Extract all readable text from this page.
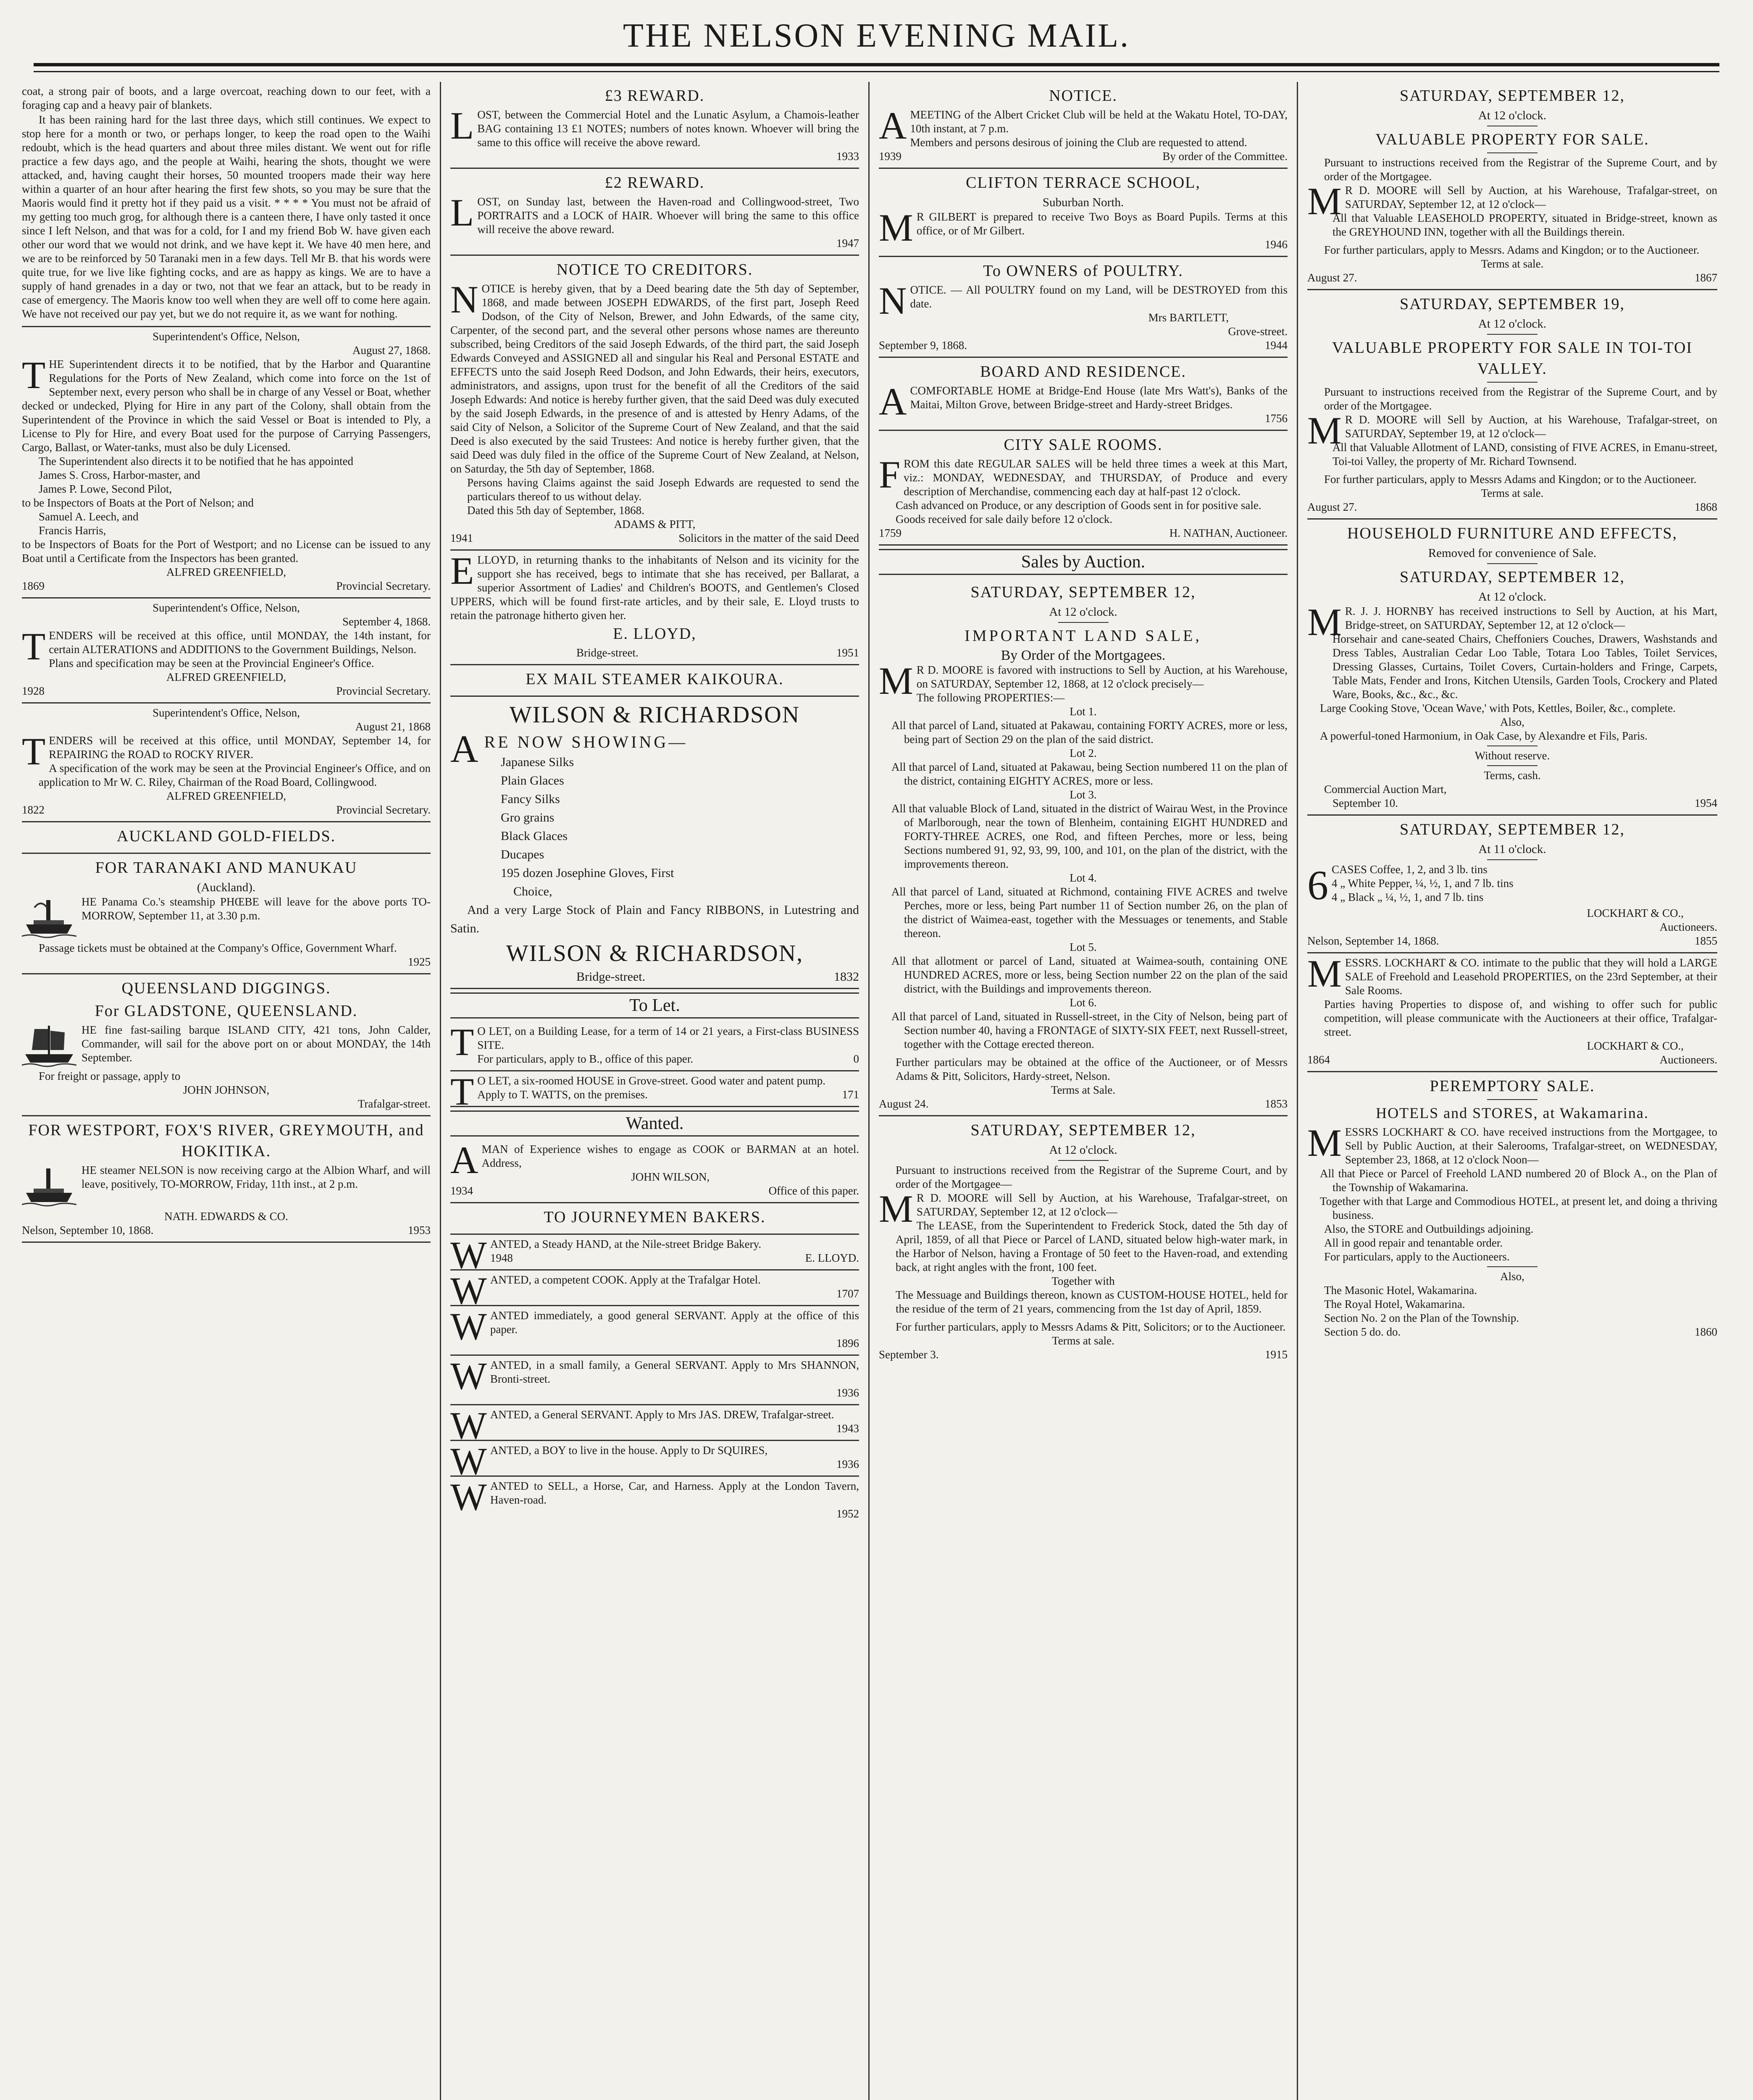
THE NELSON EVENING MAIL.

coat, a strong pair of boots, and a large overcoat, reaching down to our feet, with a foraging cap and a heavy pair of blankets.

It has been raining hard for the last three days, which still continues. We expect to stop here for a month or two, or perhaps longer, to keep the road open to the Waihi redoubt, which is the head quarters and about three miles distant. We went out for rifle practice a few days ago, and the people at Waihi, hearing the shots, thought we were attacked, and, having caught their horses, 50 mounted troopers made their way here within a quarter of an hour after hearing the first few shots, so you may be sure that the Maoris would find it pretty hot if they paid us a visit. * * * * You must not be afraid of my getting too much grog, for although there is a canteen there, I have only tasted it once since I left Nelson, and that was for a cold, for I and my friend Bob W. have given each other our word that we would not drink, and we have kept it. We have 40 men here, and we are to be reinforced by 50 Taranaki men in a few days. Tell Mr B. that his words were quite true, for we live like fighting cocks, and are as happy as kings. We are to have a supply of hand grenades in a day or two, not that we fear an attack, but to be ready in case of emergency. The Maoris know too well when they are well off to come here again. We have not received our pay yet, but we do not require it, as we want for nothing.

Superintendent's Office, Nelson,
August 27, 1868.
THE Superintendent directs it to be notified, that by the Harbor and Quarantine Regulations for the Ports of New Zealand, which come into force on the 1st of September next, every person who shall be in charge of any Vessel or Boat, whether decked or undecked, Plying for Hire in any part of the Colony, shall obtain from the Superintendent of the Province in which the said Vessel or Boat is intended to Ply, a License to Ply for Hire, and every Boat used for the purpose of Carrying Passengers, Cargo, Ballast, or Water-tanks, must also be duly Licensed.
The Superintendent also directs it to be notified that he has appointed
James S. Cross, Harbor-master, and
James P. Lowe, Second Pilot,
to be Inspectors of Boats at the Port of Nelson; and
Samuel A. Leech, and
Francis Harris,
to be Inspectors of Boats for the Port of Westport; and no License can be issued to any Boat until a Certificate from the Inspectors has been granted.
ALFRED GREENFIELD,
1869	Provincial Secretary.
Superintendent's Office, Nelson,
September 4, 1868.
TENDERS will be received at this office, until MONDAY, the 14th instant, for certain ALTERATIONS and ADDITIONS to the Government Buildings, Nelson.
Plans and specification may be seen at the Provincial Engineer's Office.
ALFRED GREENFIELD,
1928	Provincial Secretary.
Superintendent's Office, Nelson,
August 21, 1868
TENDERS will be received at this office, until MONDAY, September 14, for REPAIRING the ROAD to ROCKY RIVER.
A specification of the work may be seen at the Provincial Engineer's Office, and on application to Mr W. C. Riley, Chairman of the Road Board, Collingwood.
ALFRED GREENFIELD,
1822	Provincial Secretary.
AUCKLAND GOLD-FIELDS.
FOR TARANAKI AND MANUKAU
(Auckland).
HE Panama Co.'s steamship PHŒBE will leave for the above ports TO-MORROW, September 11, at 3.30 p.m.
Passage tickets must be obtained at the Company's Office, Government Wharf.
1925
QUEENSLAND DIGGINGS.
For GLADSTONE, QUEENSLAND.
HE fine fast-sailing barque ISLAND CITY, 421 tons, John Calder, Commander, will sail for the above port on or about MONDAY, the 14th September.
For freight or passage, apply to
JOHN JOHNSON,
Trafalgar-street.
FOR WESTPORT, FOX'S RIVER, GREYMOUTH, and HOKITIKA.
HE steamer NELSON is now receiving cargo at the Albion Wharf, and will leave, positively, TO-MORROW, Friday, 11th inst., at 2 p.m.
NATH. EDWARDS & CO.
Nelson, September 10, 1868.	1953
£3 REWARD.
LOST, between the Commercial Hotel and the Lunatic Asylum, a Chamois-leather BAG containing 13 £1 NOTES; numbers of notes known. Whoever will bring the same to this office will receive the above reward.
1933
£2 REWARD.
LOST, on Sunday last, between the Haven-road and Collingwood-street, Two PORTRAITS and a LOCK of HAIR. Whoever will bring the same to this office will receive the above reward.
1947
NOTICE TO CREDITORS.
NOTICE is hereby given, that by a Deed bearing date the 5th day of September, 1868, and made between JOSEPH EDWARDS, of the first part, Joseph Reed Dodson, of the City of Nelson, Brewer, and John Edwards, of the same city, Carpenter, of the second part, and the several other persons whose names are thereunto subscribed, being Creditors of the said Joseph Edwards, of the third part, the said Joseph Edwards Conveyed and ASSIGNED all and singular his Real and Personal ESTATE and EFFECTS unto the said Joseph Reed Dodson, and John Edwards, their heirs, executors, administrators, and assigns, upon trust for the benefit of all the Creditors of the said Joseph Edwards: And notice is hereby further given, that the said Deed was duly executed by the said Joseph Edwards, in the presence of and is attested by Henry Adams, of the said City of Nelson, a Solicitor of the Supreme Court of New Zealand, and that the said Deed is also executed by the said Trustees: And notice is hereby further given, that the said Deed was duly filed in the office of the Supreme Court of New Zealand, at Nelson, on Saturday, the 5th day of September, 1868.
Persons having Claims against the said Joseph Edwards are requested to send the particulars thereof to us without delay.
Dated this 5th day of September, 1868.
ADAMS & PITT,
1941	Solicitors in the matter of the said Deed
ELLOYD, in returning thanks to the inhabitants of Nelson and its vicinity for the support she has received, begs to intimate that she has received, per Ballarat, a superior Assortment of Ladies' and Children's BOOTS, and Gentlemen's Closed UPPERS, which will be found first-rate articles, and by their sale, E. Lloyd trusts to retain the patronage hitherto given her.
E. LLOYD,
Bridge-street.	1951
EX MAIL STEAMER KAIKOURA.
WILSON & RICHARDSON
ARE NOW SHOWING—
Japanese Silks
Plain Glaces
Fancy Silks
Gro grains
Black Glaces
Ducapes
195 dozen Josephine Gloves, First
Choice,
And a very Large Stock of Plain and Fancy RIBBONS, in Lutestring and Satin.
WILSON & RICHARDSON,
Bridge-street.	1832
To Let.
T O LET, on a Building Lease, for a term of 14 or 21 years, a First-class BUSINESS SITE.
For particulars, apply to B., office of this paper.	0
T O LET, a six-roomed HOUSE in Grove-street. Good water and patent pump.
Apply to T. WATTS, on the premises.	171
Wanted.
AMAN of Experience wishes to engage as COOK or BARMAN at an hotel. Address,
JOHN WILSON,
1934	Office of this paper.
TO JOURNEYMEN BAKERS.
WANTED, a Steady HAND, at the Nile-street Bridge Bakery.
1948	E. LLOYD.
WANTED, a competent COOK. Apply at the Trafalgar Hotel.
1707
WANTED immediately, a good general SERVANT. Apply at the office of this paper.
1896
WANTED, in a small family, a General SERVANT. Apply to Mrs SHANNON, Bronti-street.
1936
WANTED, a General SERVANT. Apply to Mrs JAS. DREW, Trafalgar-street.
1943
WANTED, a BOY to live in the house. Apply to Dr SQUIRES,
1936
WANTED to SELL, a Horse, Car, and Harness. Apply at the London Tavern, Haven-road.
1952
NOTICE.
AMEETING of the Albert Cricket Club will be held at the Wakatu Hotel, TO-DAY, 10th instant, at 7 p.m.
Members and persons desirous of joining the Club are requested to attend.
1939	By order of the Committee.
CLIFTON TERRACE SCHOOL,
Suburban North.
M R GILBERT is prepared to receive Two Boys as Board Pupils. Terms at this office, or of Mr Gilbert.
1946
To OWNERS of POULTRY.
NOTICE. — All POULTRY found on my Land, will be DESTROYED from this date.
Mrs BARTLETT,
Grove-street.
September 9, 1868.	1944
BOARD AND RESIDENCE.
ACOMFORTABLE HOME at Bridge-End House (late Mrs Watt's), Banks of the Maitai, Milton Grove, between Bridge-street and Hardy-street Bridges.
1756
CITY SALE ROOMS.
FROM this date REGULAR SALES will be held three times a week at this Mart, viz.: MONDAY, WEDNESDAY, and THURSDAY, of Produce and every description of Merchandise, commencing each day at half-past 12 o'clock.
Cash advanced on Produce, or any description of Goods sent in for positive sale.
Goods received for sale daily before 12 o'clock.
1759	H. NATHAN, Auctioneer.
Sales by Auction.
SATURDAY, SEPTEMBER 12,
At 12 o'clock.
IMPORTANT LAND SALE,
By Order of the Mortgagees.
M R D. MOORE is favored with instructions to Sell by Auction, at his Warehouse, on SATURDAY, September 12, 1868, at 12 o'clock precisely—
The following PROPERTIES:—
Lot 1.
All that parcel of Land, situated at Pakawau, containing FORTY ACRES, more or less, being part of Section 29 on the plan of the said district.
Lot 2.
All that parcel of Land, situated at Pakawau, being Section numbered 11 on the plan of the district, containing EIGHTY ACRES, more or less.
Lot 3.
All that valuable Block of Land, situated in the district of Wairau West, in the Province of Marlborough, near the town of Blenheim, containing EIGHT HUNDRED and FORTY-THREE ACRES, one Rod, and fifteen Perches, more or less, being Sections numbered 91, 92, 93, 99, 100, and 101, on the plan of the district, with the improvements thereon.
Lot 4.
All that parcel of Land, situated at Richmond, containing FIVE ACRES and twelve Perches, more or less, being Part number 11 of Section number 26, on the plan of the district of Waimea-east, together with the Messuages or tenements, and Stable thereon.
Lot 5.
All that allotment or parcel of Land, situated at Waimea-south, containing ONE HUNDRED ACRES, more or less, being Section number 22 on the plan of the said district, with the Buildings and improvements thereon.
Lot 6.
All that parcel of Land, situated in Russell-street, in the City of Nelson, being part of Section number 40, having a FRONTAGE of SIXTY-SIX FEET, next Russell-street, together with the Cottage erected thereon.
Further particulars may be obtained at the office of the Auctioneer, or of Messrs Adams & Pitt, Solicitors, Hardy-street, Nelson.
Terms at Sale.
August 24.	1853
SATURDAY, SEPTEMBER 12,
At 12 o'clock.
Pursuant to instructions received from the Registrar of the Supreme Court, and by order of the Mortgagee—
M R D. MOORE will Sell by Auction, at his Warehouse, Trafalgar-street, on SATURDAY, September 12, at 12 o'clock—
The LEASE, from the Superintendent to Frederick Stock, dated the 5th day of April, 1859, of all that Piece or Parcel of LAND, situated below high-water mark, in the Harbor of Nelson, having a Frontage of 50 feet to the Haven-road, and extending back, at right angles with the front, 100 feet.
Together with
The Messuage and Buildings thereon, known as CUSTOM-HOUSE HOTEL, held for the residue of the term of 21 years, commencing from the 1st day of April, 1859.
For further particulars, apply to Messrs Adams & Pitt, Solicitors; or to the Auctioneer.
Terms at sale.
September 3.	1915
SATURDAY, SEPTEMBER 12,
At 12 o'clock.
VALUABLE PROPERTY FOR SALE.
Pursuant to instructions received from the Registrar of the Supreme Court, and by order of the Mortgagee.
M R D. MOORE will Sell by Auction, at his Warehouse, Trafalgar-street, on SATURDAY, September 12, at 12 o'clock—
All that Valuable LEASEHOLD PROPERTY, situated in Bridge-street, known as the GREYHOUND INN, together with all the Buildings therein.
For further particulars, apply to Messrs. Adams and Kingdon; or to the Auctioneer.
Terms at sale.
August 27.	1867
SATURDAY, SEPTEMBER 19,
At 12 o'clock.
VALUABLE PROPERTY FOR SALE IN TOI-TOI VALLEY.
Pursuant to instructions received from the Registrar of the Supreme Court, and by order of the Mortgagee.
M R D. MOORE will Sell by Auction, at his Warehouse, Trafalgar-street, on SATURDAY, September 19, at 12 o'clock—
All that Valuable Allotment of LAND, consisting of FIVE ACRES, in Emanu-street, Toi-toi Valley, the property of Mr. Richard Townsend.
For further particulars, apply to Messrs Adams and Kingdon; or to the Auctioneer.
Terms at sale.
August 27.	1868
HOUSEHOLD FURNITURE AND EFFECTS,
Removed for convenience of Sale.
SATURDAY, SEPTEMBER 12,
At 12 o'clock.
M R. J. J. HORNBY has received instructions to Sell by Auction, at his Mart, Bridge-street, on SATURDAY, September 12, at 12 o'clock—
Horsehair and cane-seated Chairs, Cheffoniers Couches, Drawers, Washstands and Dress Tables, Australian Cedar Loo Table, Totara Loo Tables, Toilet Services, Dressing Glasses, Curtains, Toilet Covers, Curtain-holders and Fringe, Carpets, Table Mats, Fender and Irons, Kitchen Utensils, Garden Tools, Crockery and Plated Ware, Books, &c., &c., &c.
Large Cooking Stove, 'Ocean Wave,' with Pots, Kettles, Boiler, &c., complete.
Also,
A powerful-toned Harmonium, in Oak Case, by Alexandre et Fils, Paris.
Without reserve.
Terms, cash.
Commercial Auction Mart,
September 10.	1954
SATURDAY, SEPTEMBER 12,
At 11 o'clock.
6 CASES Coffee, 1, 2, and 3 lb. tins
4 „ White Pepper, ¼, ½, 1, and 7 lb. tins
4 „ Black „ ¼, ½, 1, and 7 lb. tins
LOCKHART & CO.,
Auctioneers.
Nelson, September 14, 1868.	1855
MESSRS. LOCKHART & CO. intimate to the public that they will hold a LARGE SALE of Freehold and Leasehold PROPERTIES, on the 23rd September, at their Sale Rooms.
Parties having Properties to dispose of, and wishing to offer such for public competition, will please communicate with the Auctioneers at their office, Trafalgar-street.
LOCKHART & CO.,
1864	Auctioneers.
PEREMPTORY SALE.
HOTELS and STORES, at Wakamarina.
MESSRS LOCKHART & CO. have received instructions from the Mortgagee, to Sell by Public Auction, at their Salerooms, Trafalgar-street, on WEDNESDAY, September 23, 1868, at 12 o'clock Noon—
All that Piece or Parcel of Freehold LAND numbered 20 of Block A., on the Plan of the Township of Wakamarina.
Together with that Large and Commodious HOTEL, at present let, and doing a thriving business.
Also, the STORE and Outbuildings adjoining.
All in good repair and tenantable order.
For particulars, apply to the Auctioneers.
Also,
The Masonic Hotel, Wakamarina.
The Royal Hotel, Wakamarina.
Section No. 2 on the Plan of the Township.
Section 5 do. do.	1860
